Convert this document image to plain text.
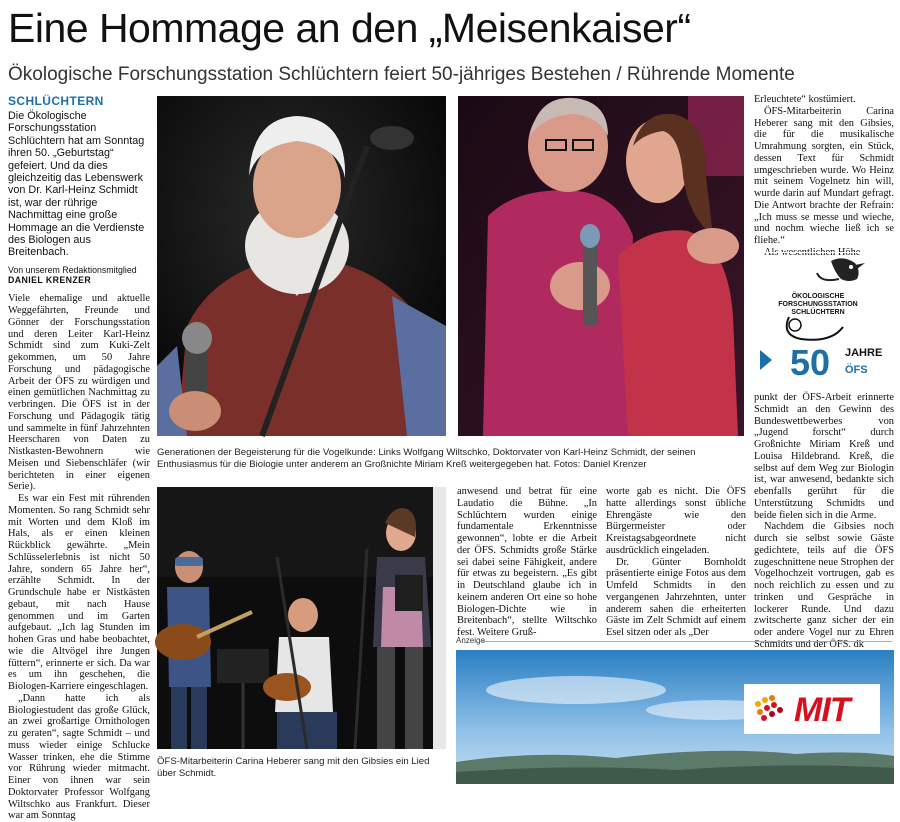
Eine Hommage an den „Meisenkaiser“
Ökologische Forschungsstation Schlüchtern feiert 50-jähriges Bestehen / Rührende Momente
SCHLÜCHTERN
Die Ökologische Forschungsstation Schlüchtern hat am Sonntag ihren 50. „Geburtstag“ gefeiert. Und da dies gleichzeitig das Lebenswerk von Dr. Karl-Heinz Schmidt ist, war der rührige Nachmittag eine große Hommage an die Verdienste des Biologen aus Breitenbach.
Von unserem Redaktionsmitglied
DANIEL KRENZER

Viele ehemalige und aktuelle Weggefährten, Freunde und Gönner der Forschungsstation und deren Leiter Karl-Heinz Schmidt sind zum Kuki-Zelt gekommen, um 50 Jahre Forschung und pädagogische Arbeit der ÖFS zu würdigen und einen gemütlichen Nachmittag zu verbringen. Die ÖFS ist in der Forschung und Pädagogik tätig und sammelte in fünf Jahrzehnten Heerscharen von Daten zu Nistkasten-Bewohnern wie Meisen und Siebenschläfer (wir berichteten in einer eigenen Serie).

Es war ein Fest mit rührenden Momenten. So rang Schmidt sehr mit Worten und dem Kloß im Hals, als er einen kleinen Rückblick gewährte. „Mein Schlüsselerlebnis ist nicht 50 Jahre, sondern 65 Jahre her“, erzählte Schmidt. In der Grundschule habe er Nistkästen gebaut, mit nach Hause genommen und im Garten aufgebaut. „Ich lag Stunden im hohen Gras und habe beobachtet, wie die Altvögel ihre Jungen füttern“, erinnerte er sich. Da war es um ihn geschehen, die Biologen-Karriere eingeschlagen.

„Dann hatte ich als Biologiestudent das große Glück, an zwei großartige Ornithologen zu geraten“, sagte Schmidt – und muss wieder einige Schlucke Wasser trinken, ehe die Stimme vor Rührung wieder mitmacht. Einer von ihnen war sein Doktorvater Professor Wolfgang Wiltschko aus Frankfurt. Dieser war am Sonntag

Generationen der Begeisterung für die Vogelkunde: Links Wolfgang Wiltschko, Doktorvater von Karl-Heinz Schmidt, der seinen Enthusiasmus für die Biologie unter anderem an Großnichte Miriam Kreß weitergegeben hat. Fotos: Daniel Krenzer
ÖFS-Mitarbeiterin Carina Heberer sang mit den Gibsies ein Lied über Schmidt.

anwesend und betrat für eine Laudatio die Bühne. „In Schlüchtern wurden einige fundamentale Erkenntnisse gewonnen“, lobte er die Arbeit der ÖFS. Schmidts große Stärke sei dabei seine Fähigkeit, andere für etwas zu begeistern. „Es gibt in Deutschland glaube ich in keinem anderen Ort eine so hohe Biologen-Dichte wie in Breitenbach“, stellte Wiltschko fest. Weitere Gruß-

worte gab es nicht. Die ÖFS hatte allerdings sonst übliche Ehrengäste wie den Bürgermeister oder Kreistagsabgeordnete nicht ausdrücklich eingeladen.

Dr. Günter Bornholdt präsentierte einige Fotos aus dem Umfeld Schmidts in den vergangenen Jahrzehnten, unter anderem sahen die erheiterten Gäste im Zelt Schmidt auf einem Esel sitzen oder als „Der

Erleuchtete“ kostümiert.

ÖFS-Mitarbeiterin Carina Heberer sang mit den Gibsies, die für die musikalische Umrahmung sorgten, ein Stück, dessen Text für Schmidt umgeschrieben wurde. Wo Heinz mit seinem Vogelnetz hin will, wurde darin auf Mundart gefragt. Die Antwort brachte der Refrain: „Ich muss se messe und wieche, und nochm wieche ließ ich se fliehe.“

Als wesentlichen Höhe-

ÖKOLOGISCHE
FORSCHUNGSSTATION
SCHLÜCHTERN
50 JAHRE
ÖFS

punkt der ÖFS-Arbeit erinnerte Schmidt an den Gewinn des Bundeswettbewerbes von „Jugend forscht“ durch Großnichte Miriam Kreß und Louisa Hildebrand. Kreß, die selbst auf dem Weg zur Biologin ist, war anwesend, bedankte sich ebenfalls gerührt für die Unterstützung Schmidts und beide fielen sich in die Arme.

Nachdem die Gibsies noch durch sie selbst sowie Gäste gedichtete, teils auf die ÖFS zugeschnittene neue Strophen der Vogelhochzeit vortrugen, gab es noch reichlich zu essen und zu trinken und Gespräche in lockerer Runde. Und dazu zwitscherte ganz sicher der ein oder andere Vogel nur zu Ehren Schmidts und der ÖFS. dk

Anzeige
MIT
